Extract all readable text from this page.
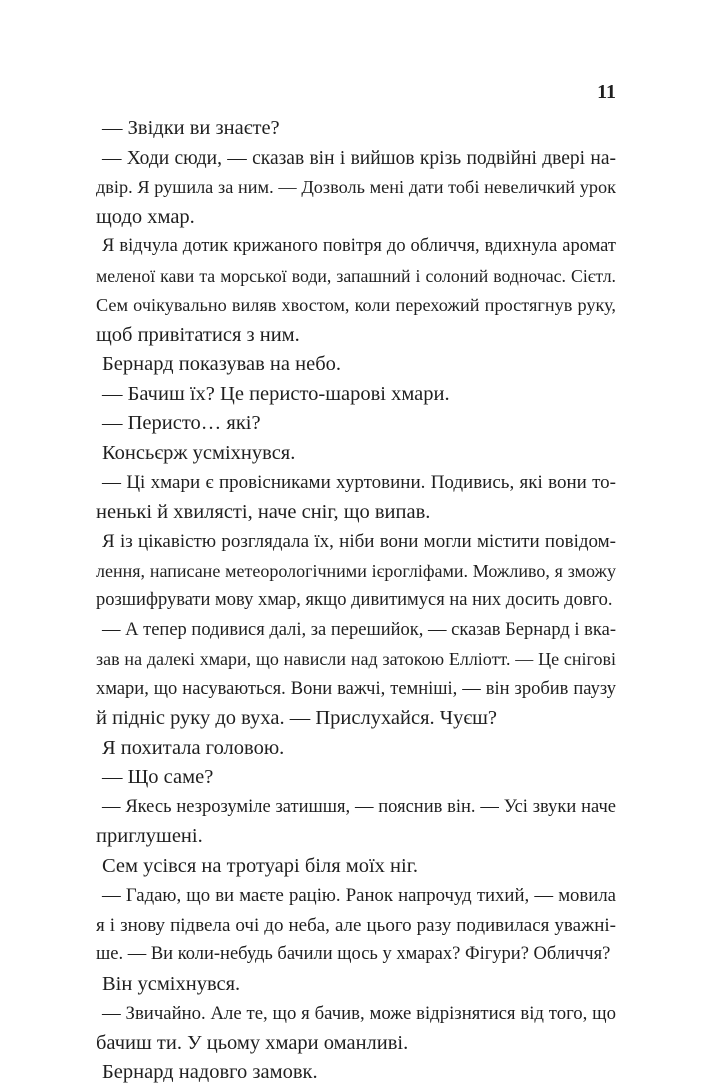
11
— Звідки ви знаєте?
— Ходи сюди, — сказав він і вийшов крізь подвійні двері на-
двір. Я рушила за ним. — Дозволь мені дати тобі невеличкий урок
щодо хмар.
Я відчула дотик крижаного повітря до обличчя, вдихнула аромат
меленої кави та морської води, запашний і солоний водночас. Сієтл.
Сем очікувально виляв хвостом, коли перехожий простягнув руку,
щоб привітатися з ним.
Бернард показував на небо.
— Бачиш їх? Це перисто-шарові хмари.
— Перисто… які?
Консьєрж усміхнувся.
— Ці хмари є провісниками хуртовини. Подивись, які вони то-
ненькі й хвилясті, наче сніг, що випав.
Я із цікавістю розглядала їх, ніби вони могли містити повідом-
лення, написане метеорологічними ієрогліфами. Можливо, я зможу
розшифрувати мову хмар, якщо дивитимуся на них досить довго.
— А тепер подивися далі, за перешийок, — сказав Бернард і вка-
зав на далекі хмари, що нависли над затокою Елліотт. — Це снігові
хмари, що насуваються. Вони важчі, темніші, — він зробив паузу
й підніс руку до вуха. — Прислухайся. Чуєш?
Я похитала головою.
— Що саме?
— Якесь незрозуміле затишшя, — пояснив він. — Усі звуки наче
приглушені.
Сем усівся на тротуарі біля моїх ніг.
— Гадаю, що ви маєте рацію. Ранок напрочуд тихий, — мовила
я і знову підвела очі до неба, але цього разу подивилася уважні-
ше. — Ви коли-небудь бачили щось у хмарах? Фігури? Обличчя?
Він усміхнувся.
— Звичайно. Але те, що я бачив, може відрізнятися від того, що
бачиш ти. У цьому хмари оманливі.
Бернард надовго замовк.
